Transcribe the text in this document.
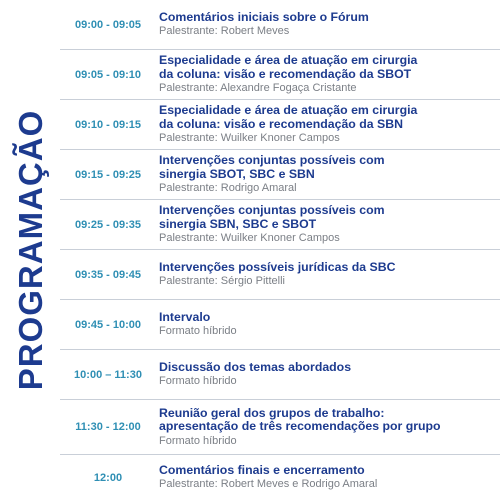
PROGRAMAÇÃO
09:00 - 09:05
Comentários iniciais sobre o Fórum
Palestrante: Robert Meves
09:05 - 09:10
Especialidade e área de atuação em cirurgia
da coluna: visão e recomendação da SBOT
Palestrante: Alexandre Fogaça Cristante
09:10 - 09:15
Especialidade e área de atuação em cirurgia
da coluna: visão e recomendação da SBN
Palestrante: Wuilker Knoner Campos
09:15 - 09:25
Intervenções conjuntas possíveis com
sinergia SBOT, SBC e SBN
Palestrante: Rodrigo Amaral
09:25 - 09:35
Intervenções conjuntas possíveis com
sinergia SBN, SBC e SBOT
Palestrante: Wuilker Knoner Campos
09:35 - 09:45
Intervenções possíveis jurídicas da SBC
Palestrante: Sérgio Pittelli
09:45 - 10:00
Intervalo
Formato híbrido
10:00 – 11:30
Discussão dos temas abordados
Formato híbrido
11:30 - 12:00
Reunião geral dos grupos de trabalho:
apresentação de três recomendações por grupo
Formato híbrido
12:00
Comentários finais e encerramento
Palestrante: Robert Meves e Rodrigo Amaral
